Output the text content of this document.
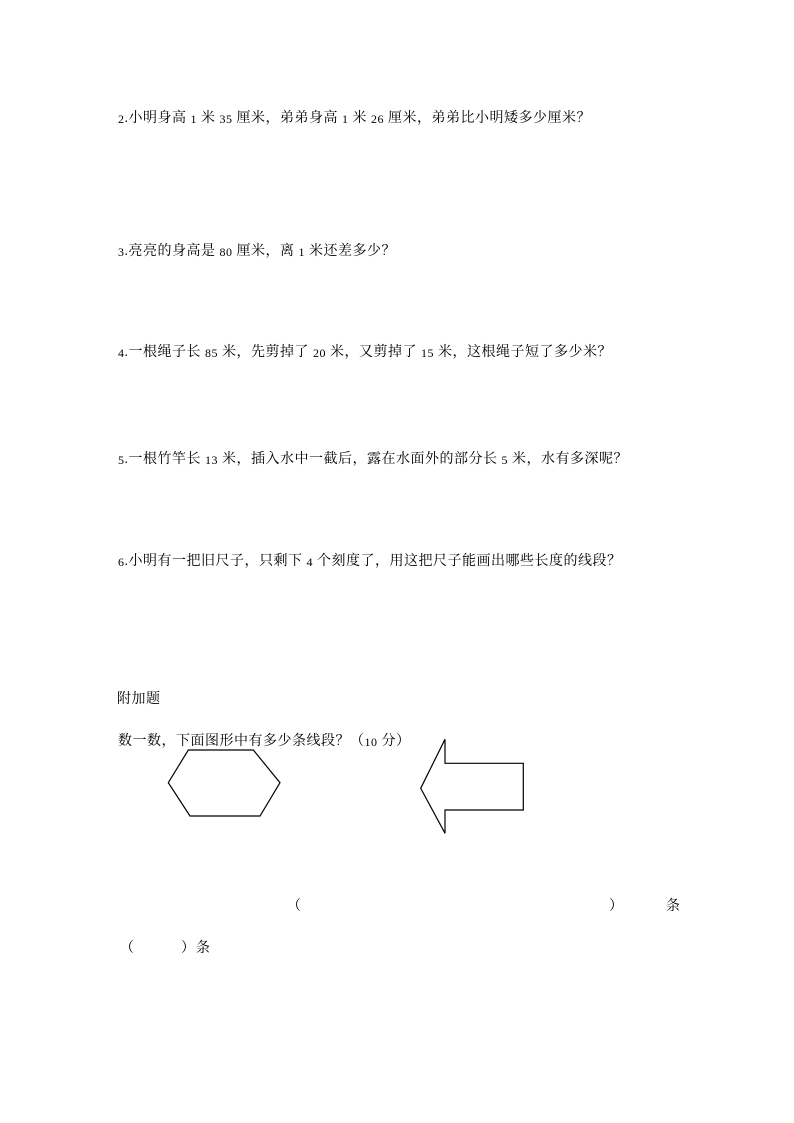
2.小明身高 1 米 35 厘米，弟弟身高 1 米 26 厘米，弟弟比小明矮多少厘米？
3.亮亮的身高是 80 厘米，离 1 米还差多少？
4.一根绳子长 85 米，先剪掉了 20 米，又剪掉了 15 米，这根绳子短了多少米？
5.一根竹竿长 13 米，插入水中一截后，露在水面外的部分长 5 米，水有多深呢？
6.小明有一把旧尺子，只剩下 4 个刻度了，用这把尺子能画出哪些长度的线段？
附加题
数一数，下面图形中有多少条线段？（10 分）
（	）	条
（	） 条
